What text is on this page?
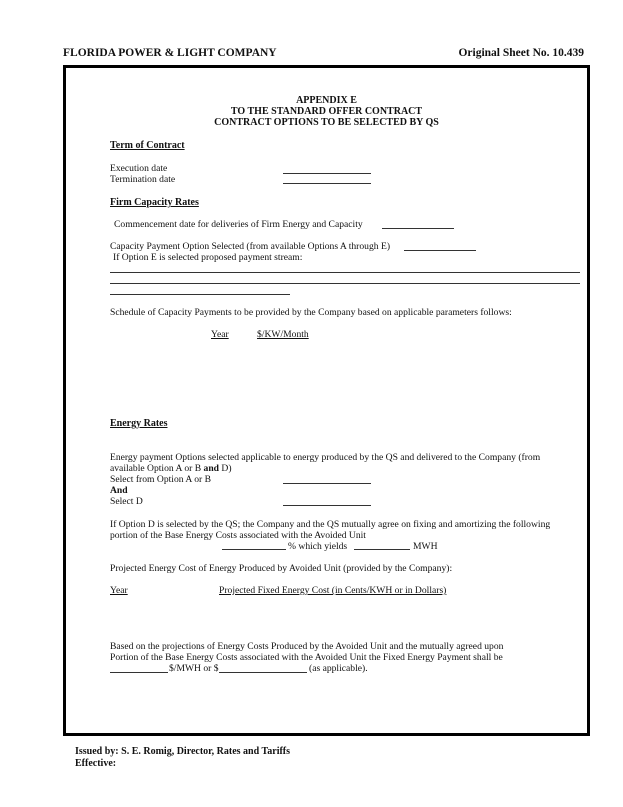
FLORIDA POWER & LIGHT COMPANY	Original Sheet No. 10.439
APPENDIX E
TO THE STANDARD OFFER CONTRACT
CONTRACT OPTIONS TO BE SELECTED BY QS
Term of Contract
Execution date
Termination date
Firm Capacity Rates
Commencement date for deliveries of Firm Energy and Capacity
Capacity Payment Option Selected (from available Options A through E)
If Option E is selected proposed payment stream:
Schedule of Capacity Payments to be provided by the Company based on applicable parameters follows:
Year	$/KW/Month
Energy Rates
Energy payment Options selected applicable to energy produced by the QS and delivered to the Company (from
available Option A or B and D)
Select from Option A or B
And
Select D
If Option D is selected by the QS; the Company and the QS mutually agree on fixing and amortizing the following
portion of the Base Energy Costs associated with the Avoided Unit
% which yields	MWH
Projected Energy Cost of Energy Produced by Avoided Unit (provided by the Company):
Year	Projected Fixed Energy Cost (in Cents/KWH or in Dollars)
Based on the projections of Energy Costs Produced by the Avoided Unit and the mutually agreed upon
Portion of the Base Energy Costs associated with the Avoided Unit the Fixed Energy Payment shall be
$/MWH or $	(as applicable).
Issued by: S. E. Romig, Director, Rates and Tariffs
Effective:
